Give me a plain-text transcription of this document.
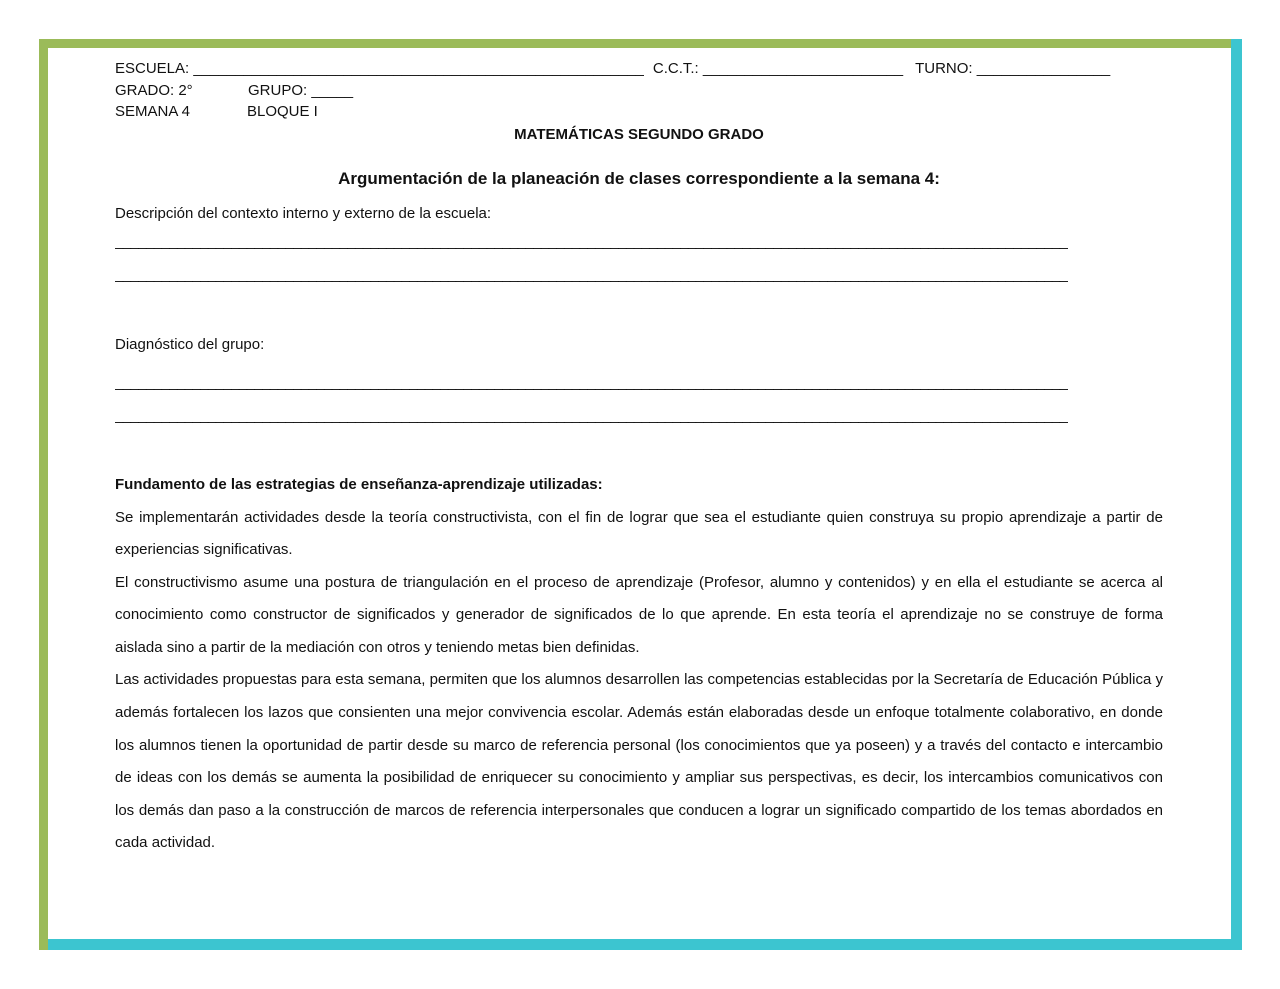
ESCUELA: ______________________________________________________ C.C.T.: ________________________ TURNO: ________________
GRADO: 2°	GRUPO: _____
SEMANA 4	BLOQUE I
MATEMÁTICAS SEGUNDO GRADO
Argumentación de la planeación de clases correspondiente a la semana 4:
Descripción del contexto interno y externo de la escuela:
___________________________________________________________________________________________________________________________
___________________________________________________________________________________________________________________________
Diagnóstico del grupo:
___________________________________________________________________________________________________________________________
___________________________________________________________________________________________________________________________
Fundamento de las estrategias de enseñanza-aprendizaje utilizadas:
Se implementarán actividades desde la teoría constructivista, con el fin de lograr que sea el estudiante quien construya su propio aprendizaje a partir de experiencias significativas.
El constructivismo asume una postura de triangulación en el proceso de aprendizaje (Profesor, alumno y contenidos) y en ella el estudiante se acerca al conocimiento como constructor de significados y generador de significados de lo que aprende. En esta teoría el aprendizaje no se construye de forma aislada sino a partir de la mediación con otros y teniendo metas bien definidas.
Las actividades propuestas para esta semana, permiten que los alumnos desarrollen las competencias establecidas por la Secretaría de Educación Pública y además fortalecen los lazos que consienten una mejor convivencia escolar. Además están elaboradas desde un enfoque totalmente colaborativo, en donde los alumnos tienen la oportunidad de partir desde su marco de referencia personal (los conocimientos que ya poseen) y a través del contacto e intercambio de ideas con los demás se aumenta la posibilidad de enriquecer su conocimiento y ampliar sus perspectivas, es decir, los intercambios comunicativos con los demás dan paso a la construcción de marcos de referencia interpersonales que conducen a lograr un significado compartido de los temas abordados en cada actividad.
